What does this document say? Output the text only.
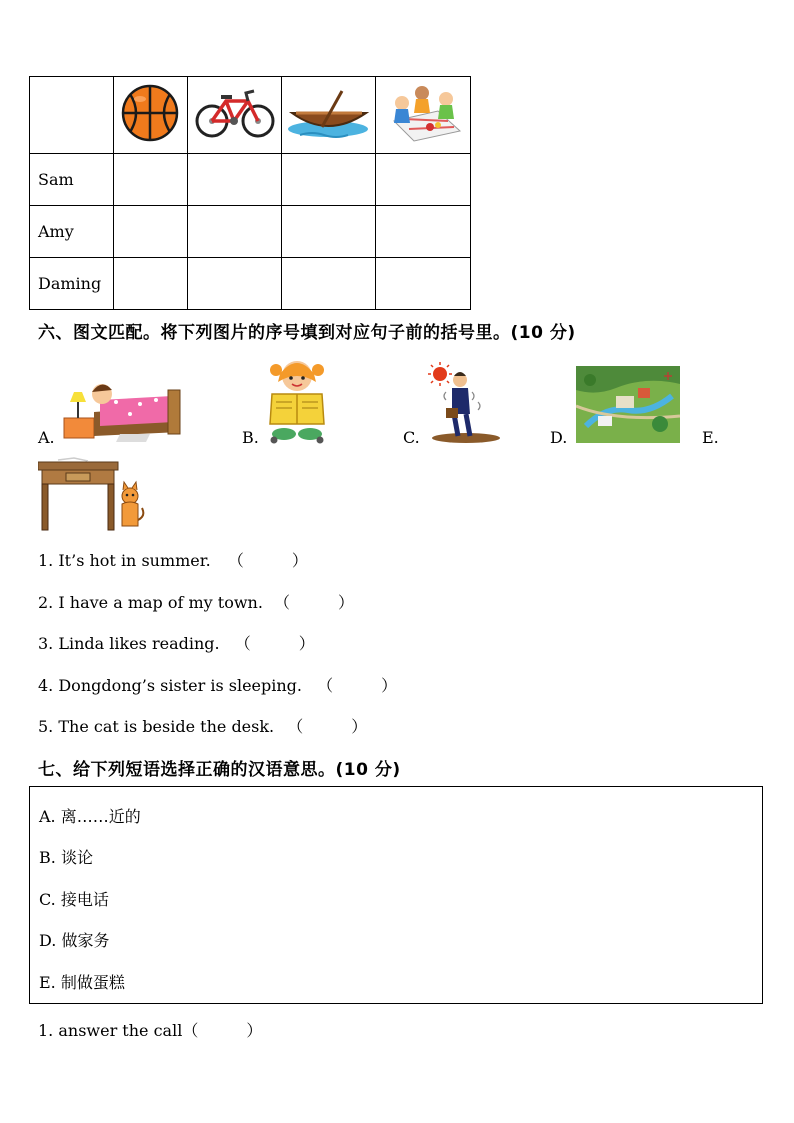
Sam				
Amy				
Daming				
六、图文匹配。将下列图片的序号填到对应句子前的括号里。(10 分)
A.	B.	C.	D.	E.
1. It’s hot in summer. （　　　）
2. I have a map of my town. （　　　）
3. Linda likes reading. （　　　）
4. Dongdong’s sister is sleeping. （　　　）
5. The cat is beside the desk. （　　　）
七、给下列短语选择正确的汉语意思。(10 分)
A. 离……近的
B. 谈论
C. 接电话
D. 做家务
E. 制做蛋糕
1. answer the call（　　　）
